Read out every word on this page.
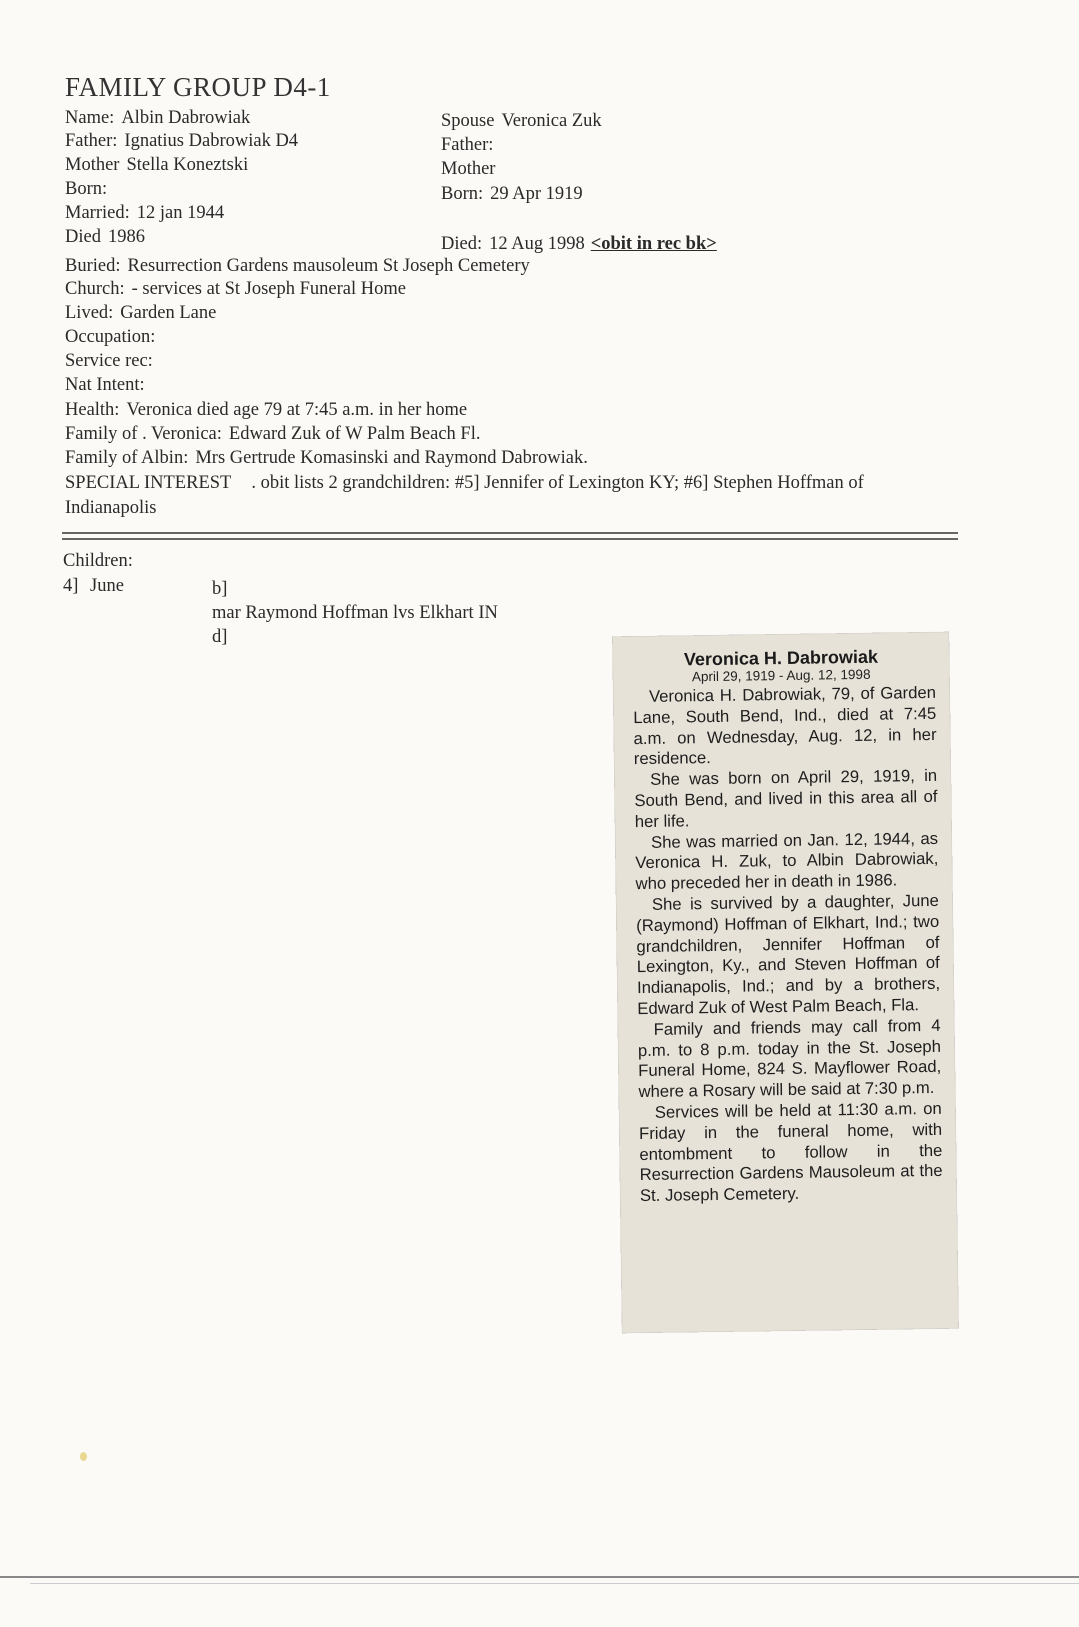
FAMILY GROUP D4-1
Name: Albin Dabrowiak
Father: Ignatius Dabrowiak D4
Mother Stella Koneztski
Born:
Married: 12 jan 1944
Died 1986
Spouse Veronica Zuk
Father:
Mother
Born: 29 Apr 1919
Died: 12 Aug 1998 <obit in rec bk>
Buried: Resurrection Gardens mausoleum St Joseph Cemetery
Church: - services at St Joseph Funeral Home
Lived: Garden Lane
Occupation:
Service rec:
Nat Intent:
Health: Veronica died age 79 at 7:45 a.m. in her home
Family of . Veronica: Edward Zuk of W Palm Beach Fl.
Family of Albin: Mrs Gertrude Komasinski and Raymond Dabrowiak.
SPECIAL INTEREST . obit lists 2 grandchildren: #5] Jennifer of Lexington KY; #6] Stephen Hoffman of
Indianapolis
Children:
4] June	b]
mar Raymond Hoffman lvs Elkhart IN
d]
Veronica H. Dabrowiak
April 29, 1919 - Aug. 12, 1998

Veronica H. Dabrowiak, 79, of Garden Lane, South Bend, Ind., died at 7:45 a.m. on Wednesday, Aug. 12, in her residence.

She was born on April 29, 1919, in South Bend, and lived in this area all of her life.

She was married on Jan. 12, 1944, as Veronica H. Zuk, to Albin Dabrowiak, who preceded her in death in 1986.

She is survived by a daughter, June (Raymond) Hoffman of Elkhart, Ind.; two grandchildren, Jennifer Hoffman of Lexington, Ky., and Steven Hoffman of Indianapolis, Ind.; and by a brothers, Edward Zuk of West Palm Beach, Fla.

Family and friends may call from 4 p.m. to 8 p.m. today in the St. Joseph Funeral Home, 824 S. Mayflower Road, where a Rosary will be said at 7:30 p.m.

Services will be held at 11:30 a.m. on Friday in the funeral home, with entombment to follow in the Resurrection Gardens Mausoleum at the St. Joseph Cemetery.
